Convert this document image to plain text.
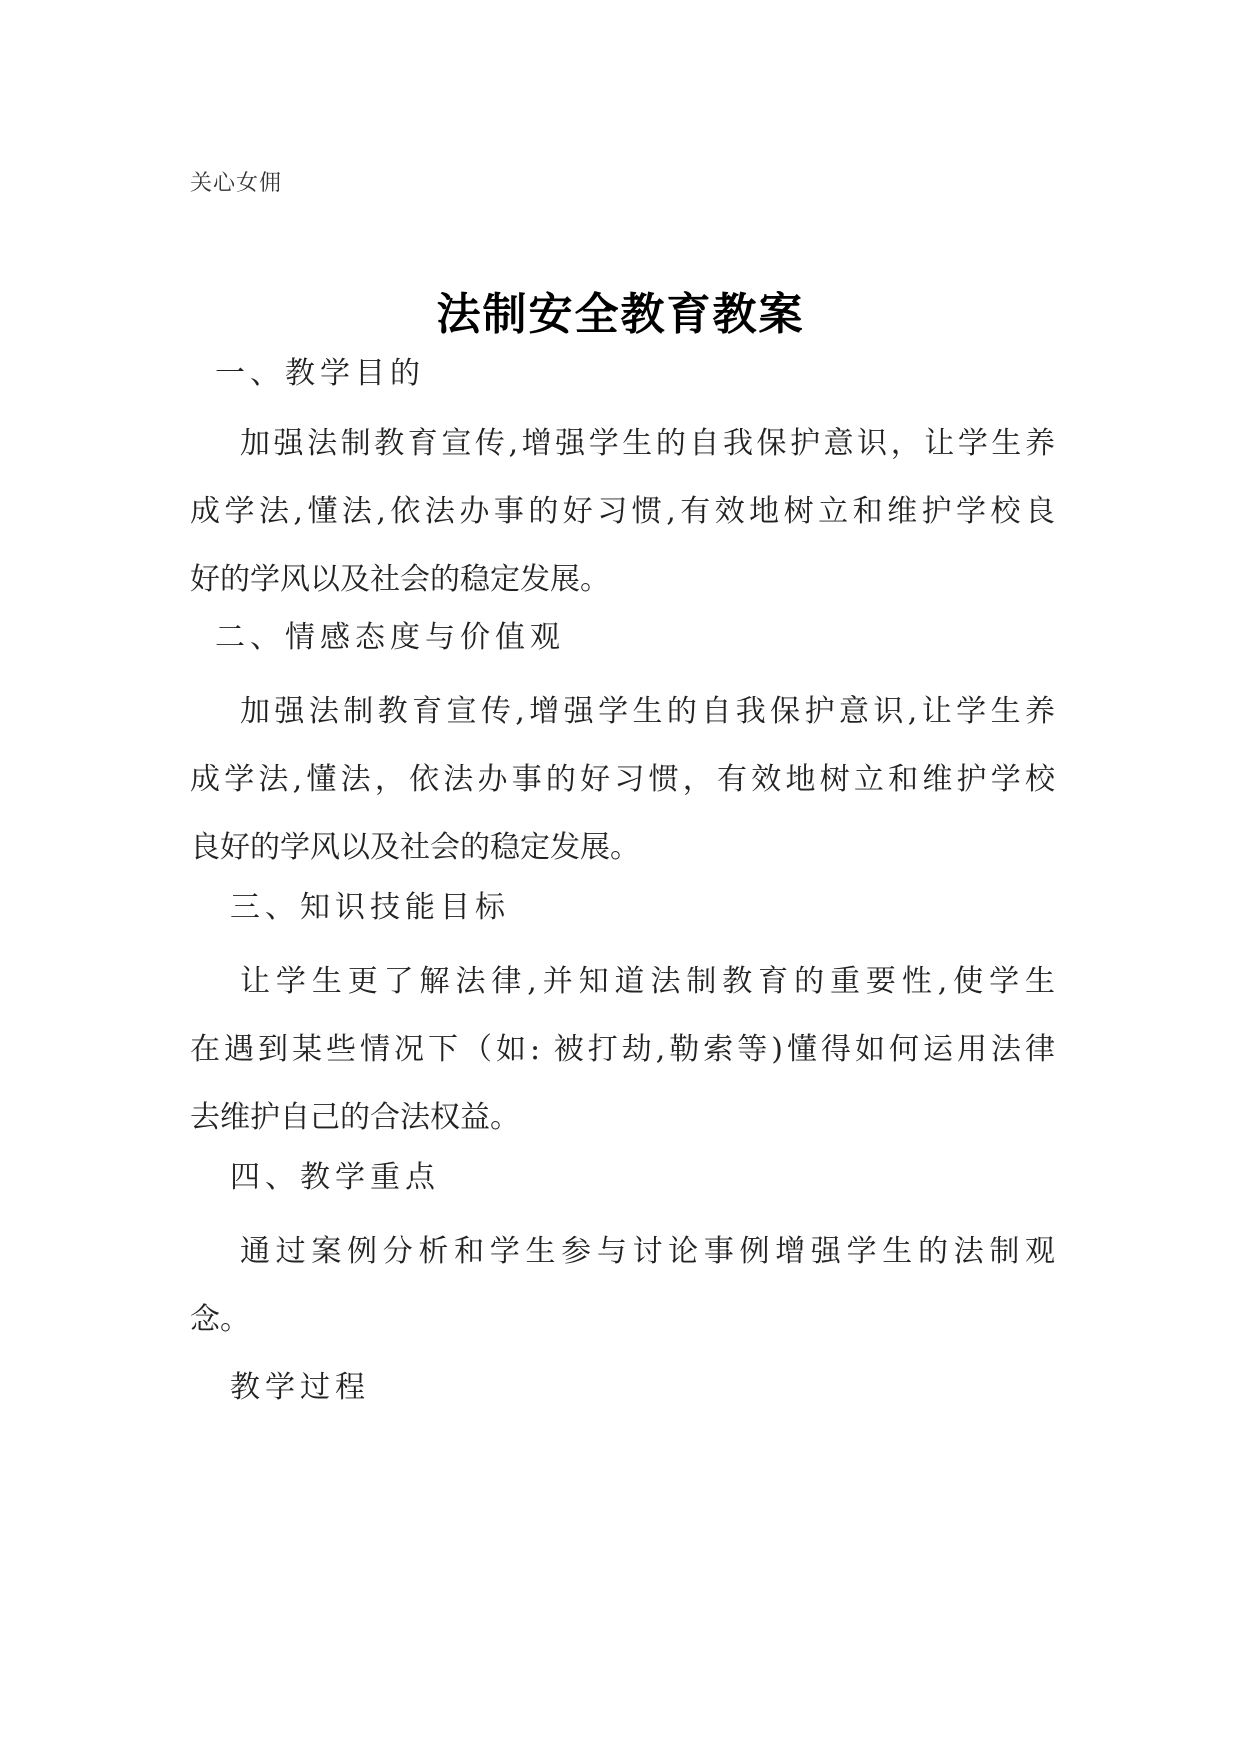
关心女佣
法制安全教育教案
一、教学目的
加强法制教育宣传,增强学生的自我保护意识，让学生养
成学法,懂法,依法办事的好习惯,有效地树立和维护学校良
好的学风以及社会的稳定发展。
二、情感态度与价值观
加强法制教育宣传,增强学生的自我保护意识,让学生养
成学法,懂法，依法办事的好习惯，有效地树立和维护学校
良好的学风以及社会的稳定发展。
三、知识技能目标
让学生更了解法律,并知道法制教育的重要性,使学生
在遇到某些情况下（如: 被打劫,勒索等)懂得如何运用法律
去维护自己的合法权益。
四、教学重点
通过案例分析和学生参与讨论事例增强学生的法制观
念。
教学过程
